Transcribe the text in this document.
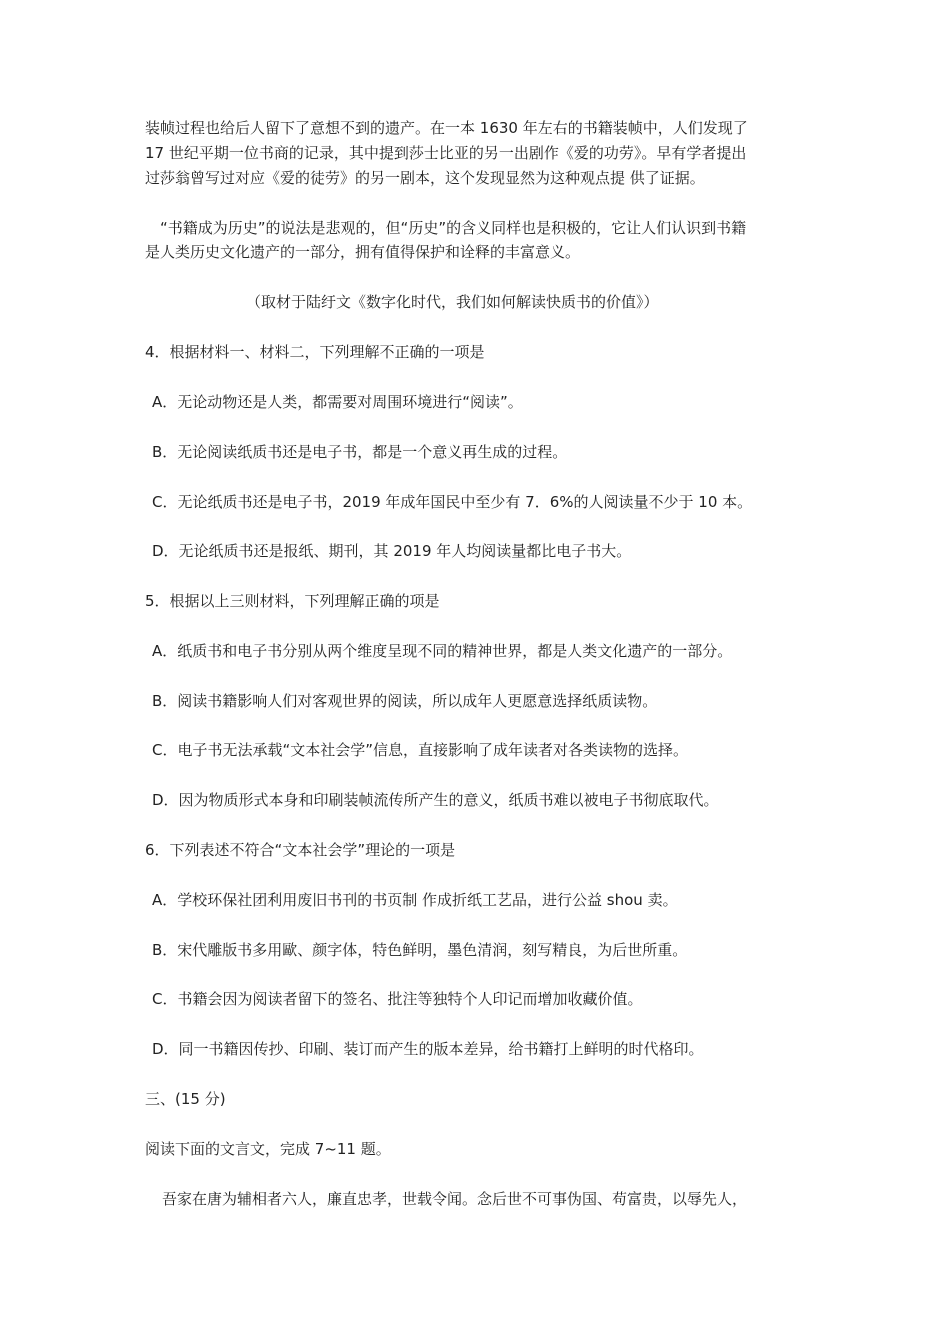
装帧过程也给后人留下了意想不到的遗产。在一本 1630 年左右的书籍装帧中，人们发现了
17 世纪平期一位书商的记录，其中提到莎士比亚的另一出剧作《爱的功劳》。早有学者提出
过莎翁曾写过对应《爱的徒劳》的另一剧本，这个发现显然为这种观点提 供了证据。
“书籍成为历史”的说法是悲观的，但“历史”的含义同样也是积极的，它让人们认识到书籍
是人类历史文化遗产的一部分，拥有值得保护和诠释的丰富意义。
（取材于陆纡文《数字化时代，我们如何解读快质书的价值》）
4．根据材料一、材料二，下列理解不正确的一项是
A．无论动物还是人类，都需要对周围环境进行“阅读”。
B．无论阅读纸质书还是电子书，都是一个意义再生成的过程。
C．无论纸质书还是电子书，2019 年成年国民中至少有 7．6%的人阅读量不少于 10 本。
D．无论纸质书还是报纸、期刊，其 2019 年人均阅读量都比电子书大。
5．根据以上三则材料，下列理解正确的项是
A．纸质书和电子书分别从两个维度呈现不同的精神世界，都是人类文化遗产的一部分。
B．阅读书籍影响人们对客观世界的阅读，所以成年人更愿意选择纸质读物。
C．电子书无法承载“文本社会学”信息，直接影响了成年读者对各类读物的选择。
D．因为物质形式本身和印刷装帧流传所产生的意义，纸质书难以被电子书彻底取代。
6．下列表述不符合“文本社会学”理论的一项是
A．学校环保社团利用废旧书刊的书页制 作成折纸工艺品，进行公益 shou 卖。
B．宋代雕版书多用歐、颜字体，特色鲜明，墨色清润，刻写精良，为后世所重。
C．书籍会因为阅读者留下的签名、批注等独特个人印记而增加收藏价值。
D．同一书籍因传抄、印刷、装订而产生的版本差异，给书籍打上鲜明的时代格印。
三、(15 分)
阅读下面的文言文，完成 7~11 题。
吾家在唐为辅相者六人，廉直忠孝，世载令闻。念后世不可事伪国、苟富贵，以辱先人，
